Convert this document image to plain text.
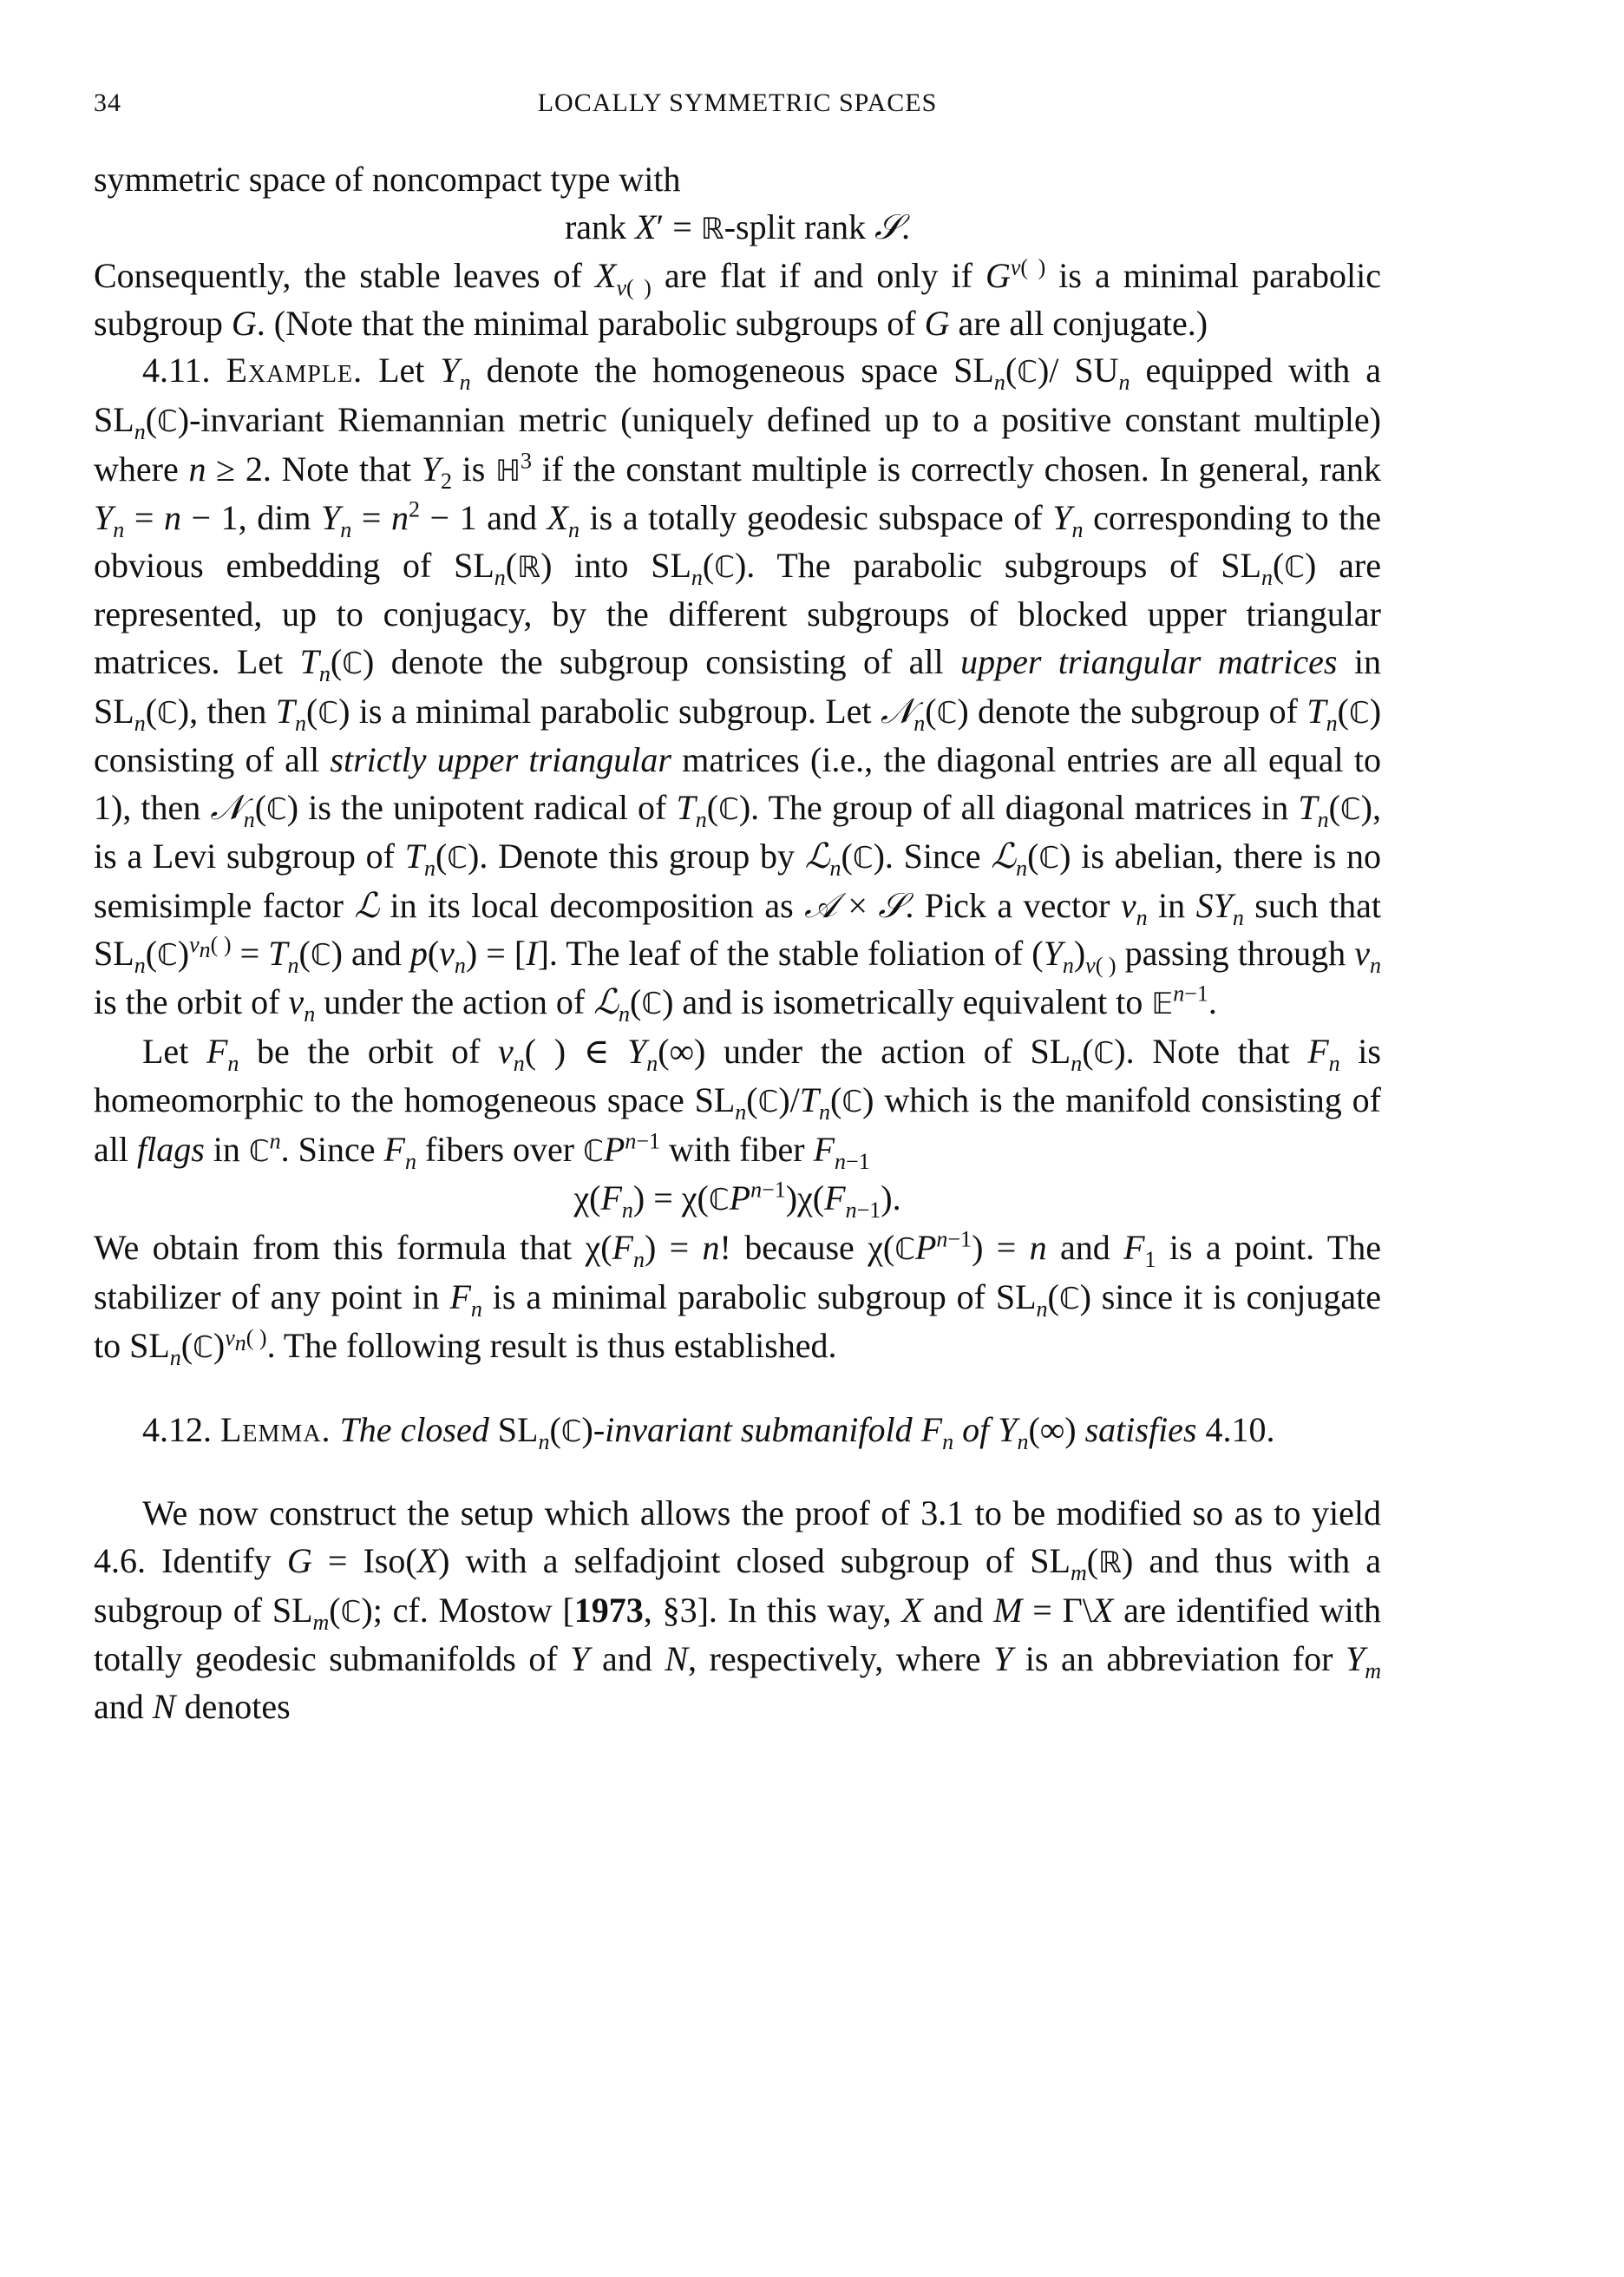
34	LOCALLY SYMMETRIC SPACES

symmetric space of noncompact type with

rank X′ = ℝ-split rank 𝒮.

Consequently, the stable leaves of $X_{v( )}$ are flat if and only if $G^{v( )}$ is a minimal parabolic subgroup G. (Note that the minimal parabolic subgroups of G are all conjugate.)

4.11. Example. Let $Y_n$ denote the homogeneous space $SL_n(ℂ)/$ $SU_n$ equipped with a $SL_n(ℂ)$-invariant Riemannian metric (uniquely defined up to a positive constant multiple) where n ≥ 2. Note that $Y_2$ is ℍ$^3$ if the constant multiple is correctly chosen. In general, rank $Y_n = n - 1$, dim $Y_n = n^2 - 1$ and $X_n$ is a totally geodesic subspace of $Y_n$ corresponding to the obvious embedding of $SL_n(ℝ)$ into $SL_n(ℂ)$. The parabolic subgroups of $SL_n(ℂ)$ are represented, up to conjugacy, by the different subgroups of blocked upper triangular matrices. Let $T_n(ℂ)$ denote the subgroup consisting of all upper triangular matrices in $SL_n(ℂ)$, then $T_n(ℂ)$ is a minimal parabolic subgroup. Let 𝒩$_n$(ℂ) denote the subgroup of $T_n(ℂ)$ consisting of all strictly upper triangular matrices (i.e., the diagonal entries are all equal to 1), then 𝒩$_n$(ℂ) is the unipotent radical of $T_n(ℂ)$. The group of all diagonal matrices in $T_n(ℂ)$, is a Levi subgroup of $T_n(ℂ)$. Denote this group by ℒ$_n$(ℂ). Since ℒ$_n$(ℂ) is abelian, there is no semisimple factor ℒ in its local decomposition as 𝒜 × 𝒮. Pick a vector $v_n$ in $SY_n$ such that $SL_n(ℂ)^{v_n( )}$ = $T_n(ℂ)$ and $p(v_n) = [I]$. The leaf of the stable foliation of $(Y_n)_{v( )}$ passing through $v_n$ is the orbit of $v_n$ under the action of ℒ$_n$(ℂ) and is isometrically equivalent to 𝔼$^{n-1}$.

Let $F_n$ be the orbit of $v_n$( ) ∈ $Y_n(\infty)$ under the action of $SL_n(ℂ)$. Note that $F_n$ is homeomorphic to the homogeneous space $SL_n(ℂ)/T_n(ℂ)$ which is the manifold consisting of all flags in ℂ$^n$. Since $F_n$ fibers over ℂP$^{n-1}$ with fiber $F_{n-1}$

$\chi(F_n)$ = $\chi(ℂP^{n-1})\chi(F_{n-1})$.

We obtain from this formula that $\chi(F_n) = n$! because χ(ℂP$^{n-1}$) = n and $F_1$ is a point. The stabilizer of any point in $F_n$ is a minimal parabolic subgroup of $SL_n(ℂ)$ since it is conjugate to $SL_n(ℂ)^{v_n( )}$. The following result is thus established.

4.12. Lemma. The closed $SL_n(ℂ)$-invariant submanifold $F_n$ of $Y_n(\infty)$ satisfies 4.10.

We now construct the setup which allows the proof of 3.1 to be modified so as to yield 4.6. Identify G = Iso(X) with a selfadjoint closed subgroup of $SL_m(ℝ)$ and thus with a subgroup of $SL_m(ℂ)$; cf. Mostow [1973, §3]. In this way, X and M = Γ\X are identified with totally geodesic submanifolds of Y and N, respectively, where Y is an abbreviation for $Y_m$ and N denotes
